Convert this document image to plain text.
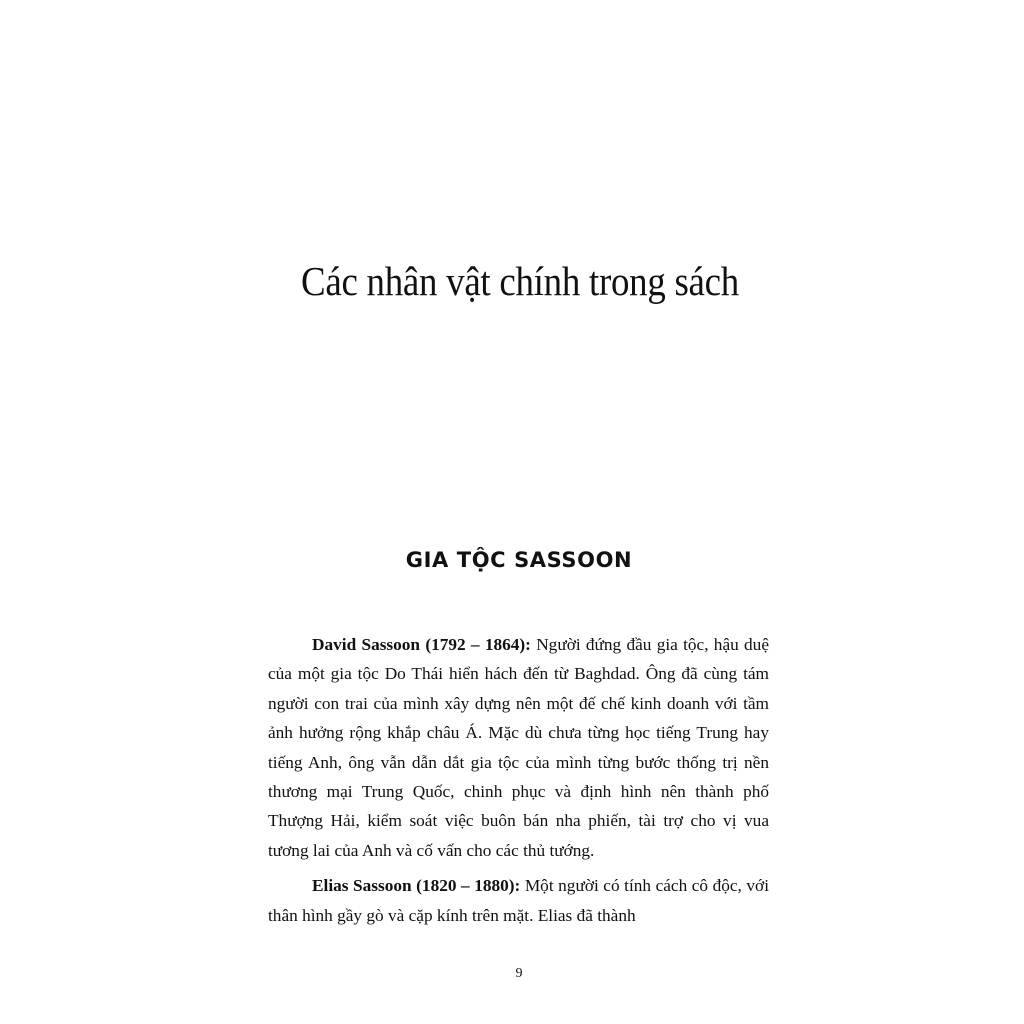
Các nhân vật chính trong sách
GIA TỘC SASSOON

David Sassoon (1792 – 1864): Người đứng đầu gia tộc, hậu duệ của một gia tộc Do Thái hiển hách đến từ Baghdad. Ông đã cùng tám người con trai của mình xây dựng nên một đế chế kinh doanh với tầm ảnh hưởng rộng khắp châu Á. Mặc dù chưa từng học tiếng Trung hay tiếng Anh, ông vẫn dẫn dắt gia tộc của mình từng bước thống trị nền thương mại Trung Quốc, chinh phục và định hình nên thành phố Thượng Hải, kiểm soát việc buôn bán nha phiến, tài trợ cho vị vua tương lai của Anh và cố vấn cho các thủ tướng.

Elias Sassoon (1820 – 1880): Một người có tính cách cô độc, với thân hình gầy gò và cặp kính trên mặt. Elias đã thành

9
